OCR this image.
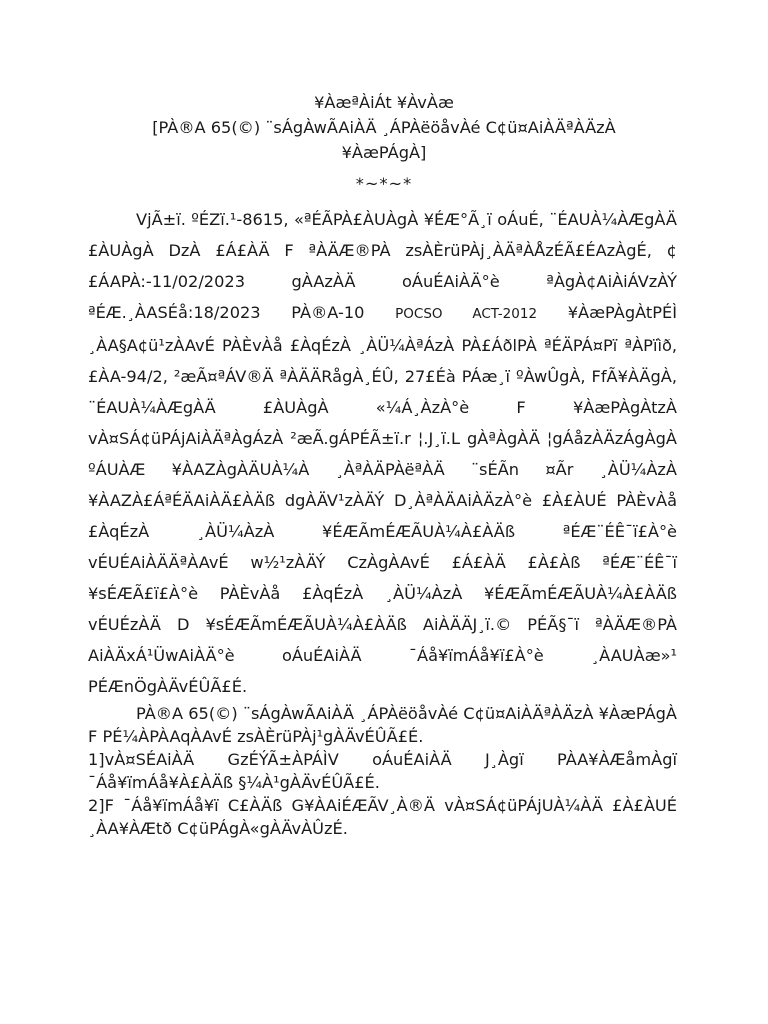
¥ÀæªÀiÁt ¥ÀvÀæ
[PÀ®A 65(©) ¨sÁgÀwÃAiÀÄ ¸ÁPÀëöåvÀé C¢ü¤AiÀÄªÀÄzÀ
¥ÀæPÁgÀ]
*~*~*

VjÃ±ï. ºÉZï.¹-8615, «ªÉÃPÀ£ÀUÀgÀ ¥ÉÆ°Ã¸ï oÁuÉ, ¨ÉAUÀ¼ÀÆgÀÄ £ÀUÀgÀ DzÀ £Á£ÀÄ F ªÀÄÆ®PÀ zsÀÈrüPÀj¸ÀÄªÀÅzÉÃ£ÉAzÀgÉ, ¢£ÁAPÀ:-11/02/2023 gÀAzÀÄ oÁuÉAiÀÄ°è ªÀgÀ¢AiÀiÁVzÀÝ ªÉÆ.¸ÀASÉå:18/2023 PÀ®A-10 POCSO ACT-2012 ¥ÀæPÀgÀtPÉÌ ¸ÀA§A¢ü¹zÀAvÉ PÀÈvÀå £ÀqÉzÀ ¸ÀÜ¼ÀªÁzÀ PÀ£ÁðlPÀ ªÉÄPÁ¤Pï ªÀPïìð, £ÀA-94/2, ²æÃ¤ªÁV®Ä ªÀÄÄRågÀ¸ÉÛ, 27£Éà PÁæ¸ï ºÀwÛgÀ, FfÃ¥ÀÄgÀ, ¨ÉAUÀ¼ÀÆgÀÄ £ÀUÀgÀ «¼Á¸ÀzÀ°è F ¥ÀæPÀgÀtzÀ vÀ¤SÁ¢üPÁjAiÀÄªÀgÁzÀ ²æÃ.gÁPÉÃ±ï.r ¦.J¸ï.L gÀªÀgÀÄ ¦gÁåzÀÄzÁgÀgÀ ºÁUÀÆ ¥ÀAZÀgÀÄUÀ¼À ¸ÀªÀÄPÀëªÀÄ ¨sÉÃn ¤Ãr ¸ÀÜ¼ÀzÀ ¥ÀAZÀ£ÁªÉÄAiÀÄ£ÀÄß dgÀÄV¹zÀÄÝ D¸ÀªÀÄAiÀÄzÀ°è £À£ÀUÉ PÀÈvÀå £ÀqÉzÀ ¸ÀÜ¼ÀzÀ ¥ÉÆÃmÉÆÃUÀ¼À£ÀÄß ªÉÆ¨ÉÊ¯ï£À°è vÉUÉAiÀÄÄªÀAvÉ w½¹zÀÄÝ CzÀgÀAvÉ £Á£ÀÄ £À£Àß ªÉÆ¨ÉÊ¯ï ¥sÉÆÃ£ï£À°è PÀÈvÀå £ÀqÉzÀ ¸ÀÜ¼ÀzÀ ¥ÉÆÃmÉÆÃUÀ¼À£ÀÄß vÉUÉzÀÄ D ¥sÉÆÃmÉÆÃUÀ¼À£ÀÄß AiÀÄÄJ¸ï.© PÉÃ§¯ï ªÀÄÆ®PÀ AiÀÄxÁ¹ÜwAiÀÄ°è oÁuÉAiÀÄ ¯Áå¥ïmÁå¥ï£À°è ¸ÀAUÀæ»¹ PÉÆnÖgÀÄvÉÛÃ£É.

PÀ®A 65(©) ¨sÁgÀwÃAiÀÄ ¸ÁPÀëöåvÀé C¢ü¤AiÀÄªÀÄzÀ ¥ÀæPÁgÀ F PÉ¼ÀPÀAqÀAvÉ zsÀÈrüPÀj¹gÀÄvÉÛÃ£É.

1]vÀ¤SÉAiÀÄ GzÉÝÃ±ÀPÁÌV oÁuÉAiÀÄ J¸Àgï PÀA¥ÀÆåmÀgï ¯Áå¥ïmÁå¥À£ÀÄß §¼À¹gÀÄvÉÛÃ£É.

2]F ¯Áå¥ïmÁå¥ï C£ÀÄß G¥ÀAiÉÆÃV¸À®Ä vÀ¤SÁ¢üPÁjUÀ¼ÀÄ £À£ÀUÉ ¸ÀA¥ÀÆtð C¢üPÁgÀ«gÀÄvÀÛzÉ.
